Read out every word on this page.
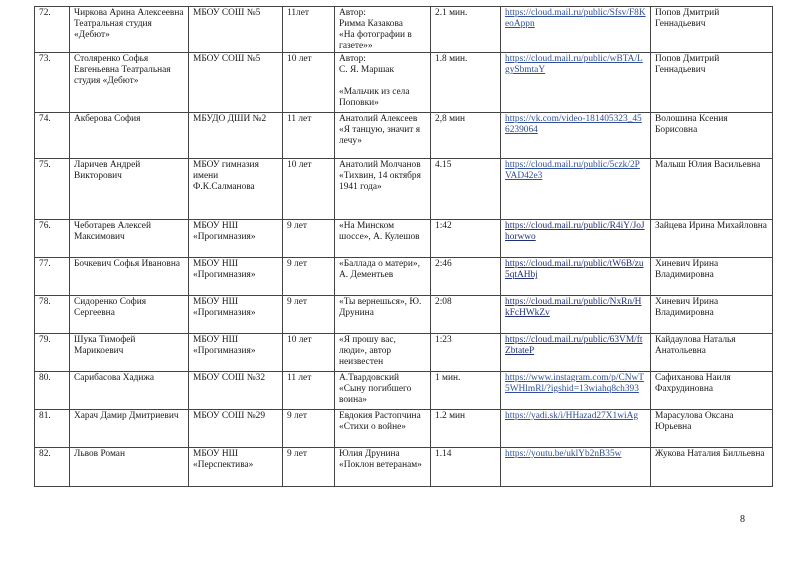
72.	Чиркова Арина Алексеевна Театральная студия «Дебют»	МБОУ СОШ №5	11лет	Автор:
Римма Казакова
«На фотографии в газете»»	2.1 мин.	https://cloud.mail.ru/public/Sfsv/F8KeoAppn	Попов Дмитрий Геннадьевич
73.	Столяренко Софья Евгеньевна Театральная студия «Дебют»	МБОУ СОШ №5	10 лет	Автор:
С. Я. Маршак

«Мальчик из села Поповки»	1.8 мин.	https://cloud.mail.ru/public/wBTA/LgySbmtaY	Попов Дмитрий Геннадьевич
74.	Акберова София	МБУДО ДШИ №2	11 лет	Анатолий Алексеев
«Я танцую, значит я лечу»	2,8 мин	https://vk.com/video-181405323_456239064	Волошина Ксения Борисовна
75.	Ларичев Андрей Викторович	МБОУ гимназия имени Ф.К.Салманова	10 лет	Анатолий Молчанов «Тихвин, 14 октября 1941 года»	4.15	https://cloud.mail.ru/public/5czk/2PVAD42e3	Малыш Юлия Васильевна
76.	Чеботарев Алексей Максимович	МБОУ НШ «Прогимназия»	9 лет	«На Минском шоссе», А. Кулешов	1:42	https://cloud.mail.ru/public/R4iY/JoJhorwwo	Зайцева Ирина Михайловна
77.	Бочкевич Софья Ивановна	МБОУ НШ «Прогимназия»	9 лет	«Баллада о матери», А. Дементьев	2:46	https://cloud.mail.ru/public/tW6B/zu5qtAHbj	Хиневич Ирина Владимировна
78.	Сидоренко София Сергеевна	МБОУ НШ «Прогимназия»	9 лет	«Ты вернешься», Ю. Друнина	2:08	https://cloud.mail.ru/public/NxRn/HkFcHWkZv	Хиневич Ирина Владимировна
79.	Шука Тимофей Марикоевич	МБОУ НШ «Прогимназия»	10 лет	«Я прошу вас, люди», автор неизвестен	1:23	https://cloud.mail.ru/public/63VM/ftZbtateP	Кайдаулова Наталья Анатольевна
80.	Сарибасова Хадижа	МБОУ СОШ №32	11 лет	А.Твардовский «Сыну погибшего воина»	1 мин.	https://www.instagram.com/p/CNwT5WHlmRl/?igshid=13wiahq8ch393	Сафиханова Наиля Фахрудиновна
81.	Харач Дамир Дмитриевич	МБОУ СОШ №29	9 лет	Евдокия Растопчина «Стихи о войне»	1.2 мин	https://yadi.sk/i/HHazad27X1wiAg	Марасулова Оксана Юрьевна
82.	Львов Роман	МБОУ НШ «Перспектива»	9 лет	Юлия Друнина «Поклон ветеранам»	1.14	https://youtu.be/uklYb2nB35w	Жукова Наталия Билльевна
8
